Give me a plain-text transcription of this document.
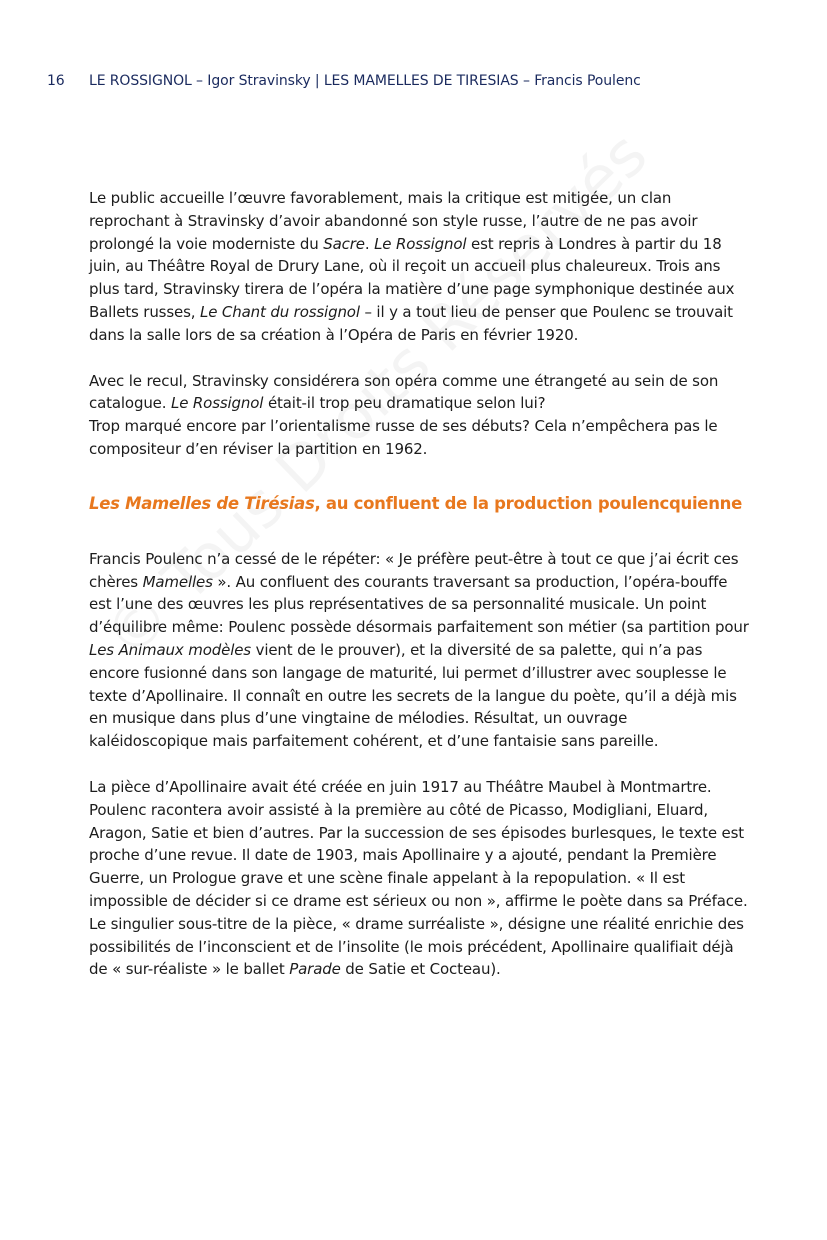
16 LE ROSSIGNOL – Igor Stravinsky | LES MAMELLES DE TIRESIAS – Francis Poulenc

Le public accueille l’œuvre favorablement, mais la critique est mitigée, un clan reprochant à Stravinsky d’avoir abandonné son style russe, l’autre de ne pas avoir prolongé la voie moderniste du Sacre. Le Rossignol est repris à Londres à partir du 18 juin, au Théâtre Royal de Drury Lane, où il reçoit un accueil plus chaleureux. Trois ans plus tard, Stravinsky tirera de l’opéra la matière d’une page symphonique destinée aux Ballets russes, Le Chant du rossignol – il y a tout lieu de penser que Poulenc se trouvait dans la salle lors de sa création à l’Opéra de Paris en février 1920.

Avec le recul, Stravinsky considérera son opéra comme une étrangeté au sein de son catalogue. Le Rossignol était-il trop peu dramatique selon lui?
Trop marqué encore par l’orientalisme russe de ses débuts? Cela n’empêchera pas le compositeur d’en réviser la partition en 1962.

Les Mamelles de Tirésias, au confluent de la production poulencquienne

Francis Poulenc n’a cessé de le répéter: « Je préfère peut-être à tout ce que j’ai écrit ces chères Mamelles ». Au confluent des courants traversant sa production, l’opéra-bouffe est l’une des œuvres les plus représentatives de sa personnalité musicale. Un point d’équilibre même: Poulenc possède désormais parfaitement son métier (sa partition pour Les Animaux modèles vient de le prouver), et la diversité de sa palette, qui n’a pas encore fusionné dans son langage de maturité, lui permet d’illustrer avec souplesse le texte d’Apollinaire. Il connaît en outre les secrets de la langue du poète, qu’il a déjà mis en musique dans plus d’une vingtaine de mélodies. Résultat, un ouvrage kaléidoscopique mais parfaitement cohérent, et d’une fantaisie sans pareille.

La pièce d’Apollinaire avait été créée en juin 1917 au Théâtre Maubel à Montmartre. Poulenc racontera avoir assisté à la première au côté de Picasso, Modigliani, Eluard, Aragon, Satie et bien d’autres. Par la succession de ses épisodes burlesques, le texte est proche d’une revue. Il date de 1903, mais Apollinaire y a ajouté, pendant la Première Guerre, un Prologue grave et une scène finale appelant à la repopulation. « Il est impossible de décider si ce drame est sérieux ou non », affirme le poète dans sa Préface. Le singulier sous-titre de la pièce, « drame surréaliste », désigne une réalité enrichie des possibilités de l’inconscient et de l’insolite (le mois précédent, Apollinaire qualifiait déjà de « sur-réaliste » le ballet Parade de Satie et Cocteau).
